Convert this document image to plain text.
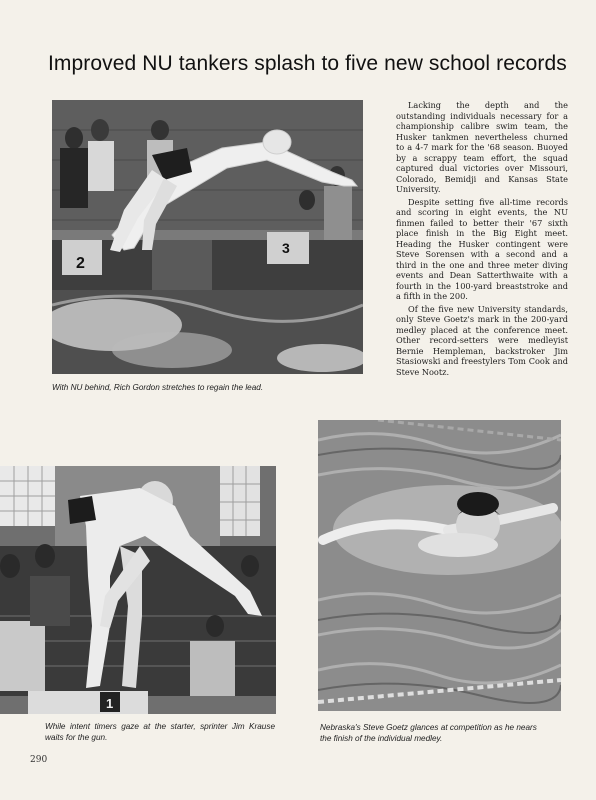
Improved NU tankers splash to five new school records
2
3
With NU behind, Rich Gordon stretches to regain the lead.

Lacking the depth and the outstanding individuals necessary for a championship calibre swim team, the Husker tankmen nevertheless churned to a 4-7 mark for the '68 season. Buoyed by a scrappy team effort, the squad captured dual victories over Missouri, Colorado, Bemidji and Kansas State University.

Despite setting five all-time records and scoring in eight events, the NU finmen failed to better their '67 sixth place finish in the Big Eight meet. Heading the Husker contingent were Steve Sorensen with a second and a third in the one and three meter diving events and Dean Satterthwaite with a fourth in the 100-yard breaststroke and a fifth in the 200.

Of the five new University standards, only Steve Goetz's mark in the 200-yard medley placed at the conference meet. Other record-setters were medleyist Bernie Hempleman, backstroker Jim Stasiowski and freestylers Tom Cook and Steve Nootz.

1
While intent timers gaze at the starter, sprinter Jim Krause waits for the gun.
Nebraska's Steve Goetz glances at competition as he nears the finish of the individual medley.
290
